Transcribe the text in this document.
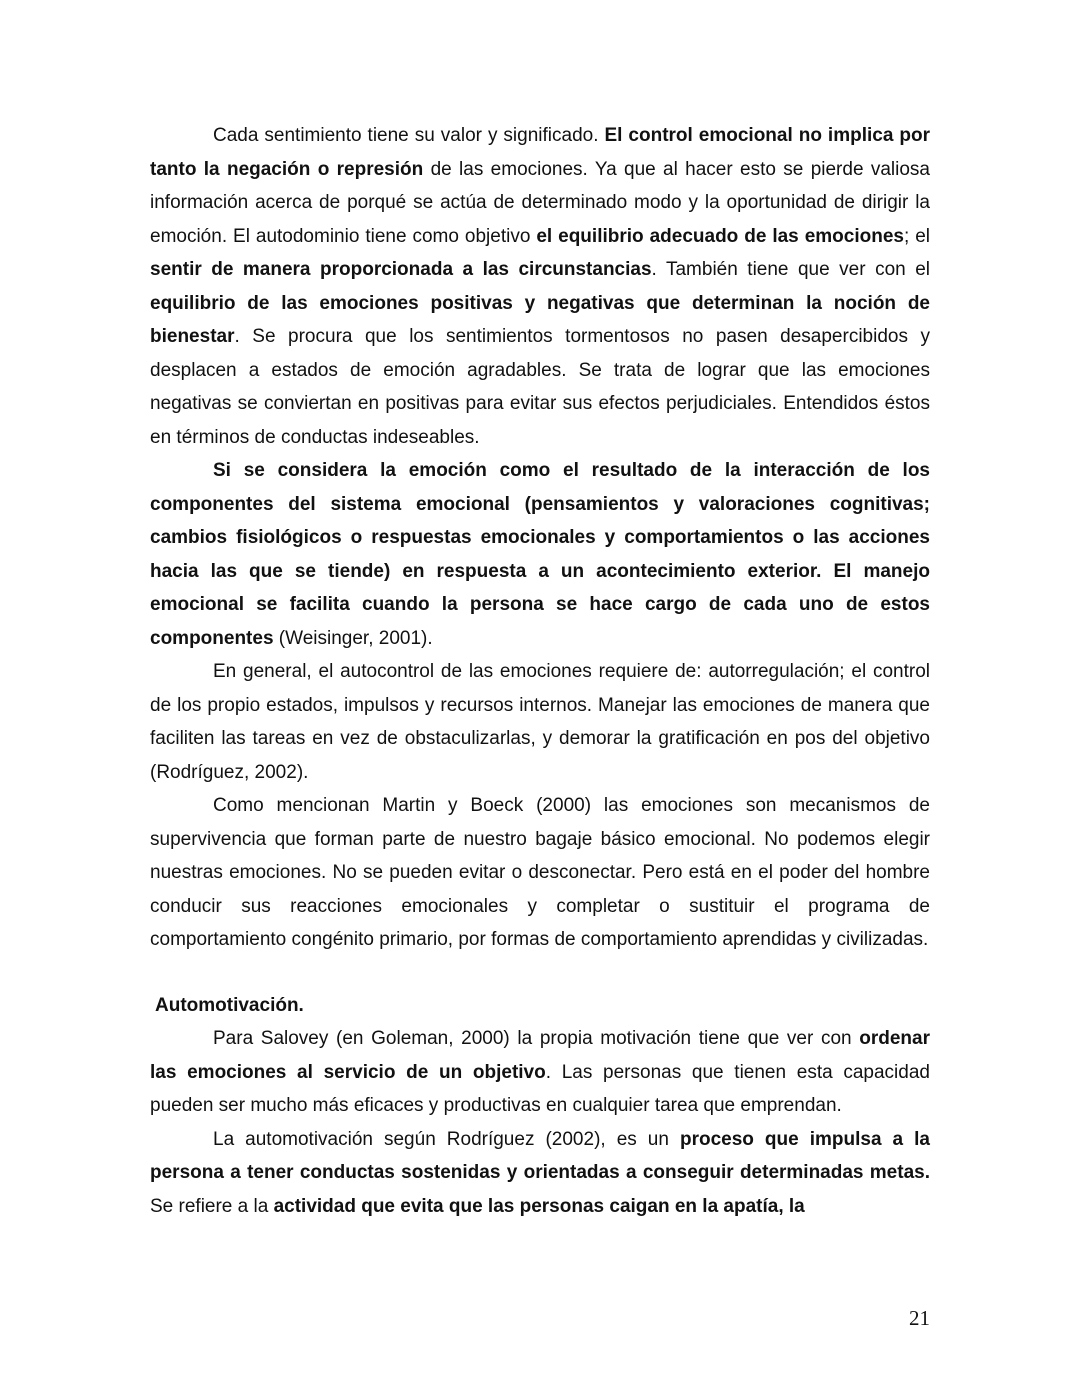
Cada sentimiento tiene su valor y significado. El control emocional no implica por tanto la negación o represión de las emociones. Ya que al hacer esto se pierde valiosa información acerca de porqué se actúa de determinado modo y la oportunidad de dirigir la emoción. El autodominio tiene como objetivo el equilibrio adecuado de las emociones; el sentir de manera proporcionada a las circunstancias. También tiene que ver con el equilibrio de las emociones positivas y negativas que determinan la noción de bienestar. Se procura que los sentimientos tormentosos no pasen desapercibidos y desplacen a estados de emoción agradables. Se trata de lograr que las emociones negativas se conviertan en positivas para evitar sus efectos perjudiciales. Entendidos éstos en términos de conductas indeseables.

Si se considera la emoción como el resultado de la interacción de los componentes del sistema emocional (pensamientos y valoraciones cognitivas; cambios fisiológicos o respuestas emocionales y comportamientos o las acciones hacia las que se tiende) en respuesta a un acontecimiento exterior. El manejo emocional se facilita cuando la persona se hace cargo de cada uno de estos componentes (Weisinger, 2001).

En general, el autocontrol de las emociones requiere de: autorregulación; el control de los propio estados, impulsos y recursos internos. Manejar las emociones de manera que faciliten las tareas en vez de obstaculizarlas, y demorar la gratificación en pos del objetivo (Rodríguez, 2002).

Como mencionan Martin y Boeck (2000) las emociones son mecanismos de supervivencia que forman parte de nuestro bagaje básico emocional. No podemos elegir nuestras emociones. No se pueden evitar o desconectar. Pero está en el poder del hombre conducir sus reacciones emocionales y completar o sustituir el programa de comportamiento congénito primario, por formas de comportamiento aprendidas y civilizadas.

Automotivación.

Para Salovey (en Goleman, 2000) la propia motivación tiene que ver con ordenar las emociones al servicio de un objetivo. Las personas que tienen esta capacidad pueden ser mucho más eficaces y productivas en cualquier tarea que emprendan.

La automotivación según Rodríguez (2002), es un proceso que impulsa a la persona a tener conductas sostenidas y orientadas a conseguir determinadas metas. Se refiere a la actividad que evita que las personas caigan en la apatía, la

21
